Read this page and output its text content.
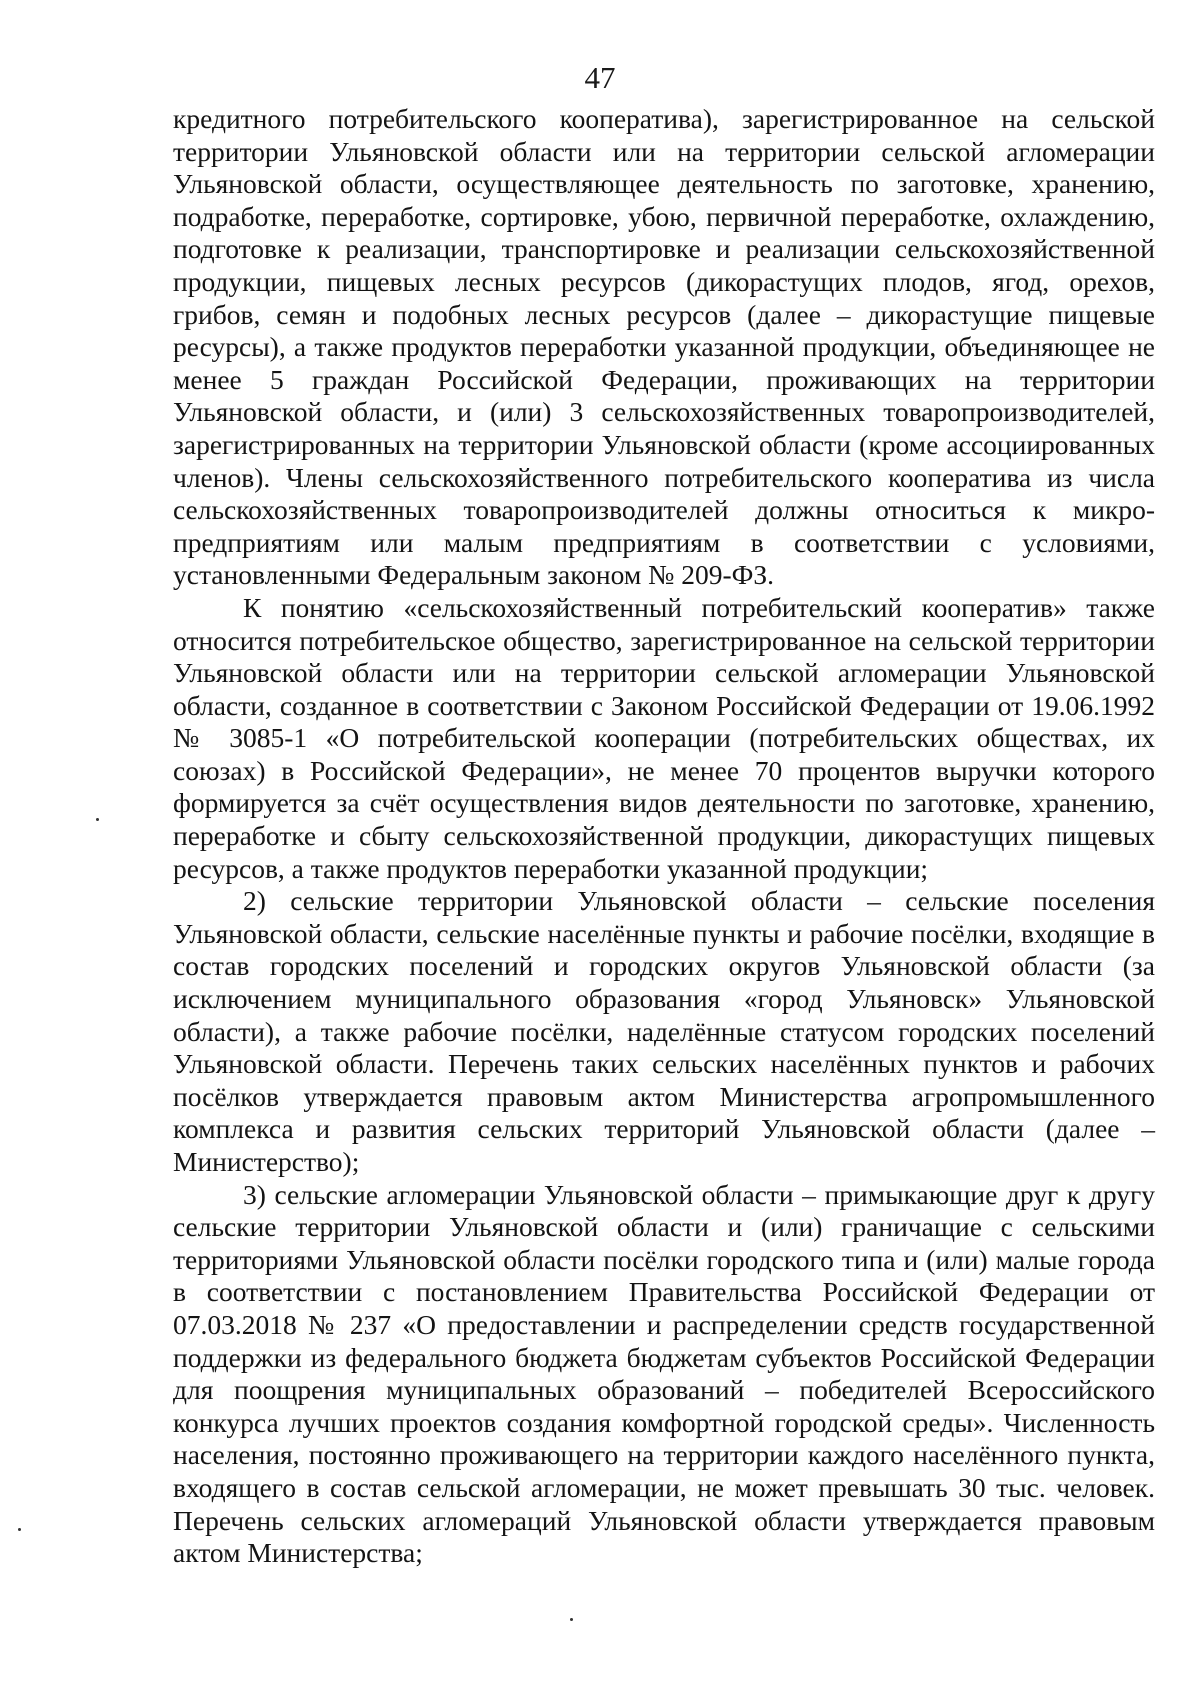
47

кредитного потребительского кооператива), зарегистрированное на сельской территории Ульяновской области или на территории сельской агломерации Ульяновской области, осуществляющее деятельность по заготовке, хранению, подработке, переработке, сортировке, убою, первичной переработке, охлаждению, подготовке к реализации, транспортировке и реализации сельскохозяйственной продукции, пищевых лесных ресурсов (дикорастущих плодов, ягод, орехов, грибов, семян и подобных лесных ресурсов (далее – дикорастущие пищевые ресурсы), а также продуктов переработки указанной продукции, объединяющее не менее 5 граждан Российской Федерации, проживающих на территории Ульяновской области, и (или) 3 сельскохозяйственных товаропроизводителей, зарегистрированных на территории Ульяновской области (кроме ассоциированных членов). Члены сельскохозяйственного потребительского кооператива из числа сельскохозяйственных товаропроизводителей должны относиться к микро-предприятиям или малым предприятиям в соответствии с условиями, установленными Федеральным законом № 209-ФЗ.

К понятию «сельскохозяйственный потребительский кооператив» также относится потребительское общество, зарегистрированное на сельской территории Ульяновской области или на территории сельской агломерации Ульяновской области, созданное в соответствии с Законом Российской Федерации от 19.06.1992 № 3085-1 «О потребительской кооперации (потребительских обществах, их союзах) в Российской Федерации», не менее 70 процентов выручки которого формируется за счёт осуществления видов деятельности по заготовке, хранению, переработке и сбыту сельскохозяйственной продукции, дикорастущих пищевых ресурсов, а также продуктов переработки указанной продукции;

2) сельские территории Ульяновской области – сельские поселения Ульяновской области, сельские населённые пункты и рабочие посёлки, входящие в состав городских поселений и городских округов Ульяновской области (за исключением муниципального образования «город Ульяновск» Ульяновской области), а также рабочие посёлки, наделённые статусом городских поселений Ульяновской области. Перечень таких сельских населённых пунктов и рабочих посёлков утверждается правовым актом Министерства агропромышленного комплекса и развития сельских территорий Ульяновской области (далее – Министерство);

3) сельские агломерации Ульяновской области – примыкающие друг к другу сельские территории Ульяновской области и (или) граничащие с сельскими территориями Ульяновской области посёлки городского типа и (или) малые города в соответствии с постановлением Правительства Российской Федерации от 07.03.2018 № 237 «О предоставлении и распределении средств государственной поддержки из федерального бюджета бюджетам субъектов Российской Федерации для поощрения муниципальных образований – победителей Всероссийского конкурса лучших проектов создания комфортной городской среды». Численность населения, постоянно проживающего на территории каждого населённого пункта, входящего в состав сельской агломерации, не может превышать 30 тыс. человек. Перечень сельских агломераций Ульяновской области утверждается правовым актом Министерства;
